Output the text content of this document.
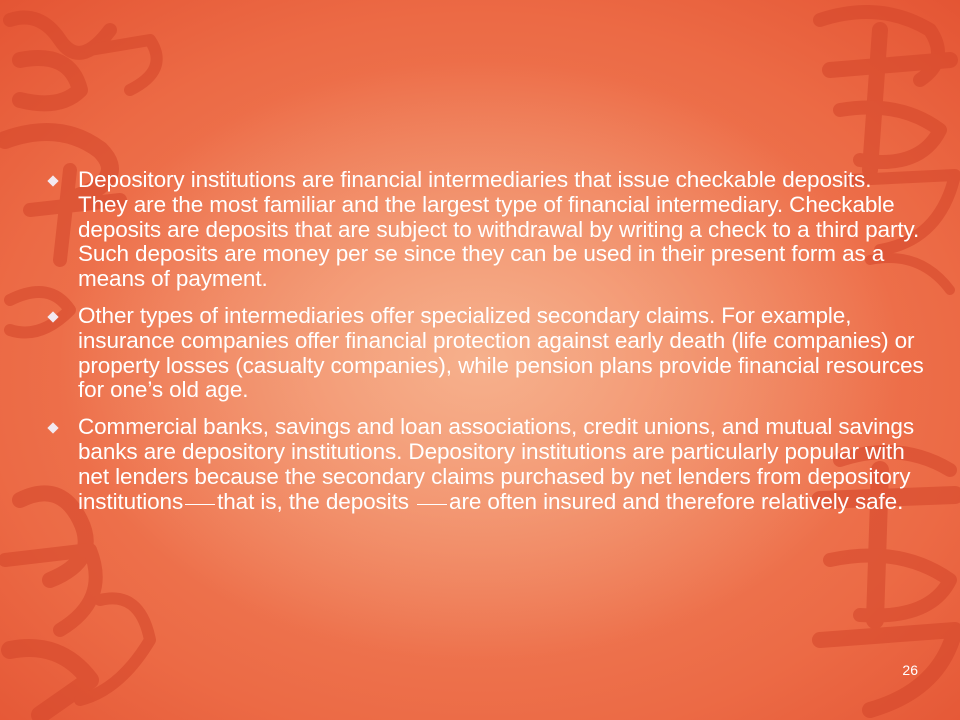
Depository institutions are financial intermediaries that issue checkable deposits. They are the most familiar and the largest type of financial intermediary. Checkable deposits are deposits that are subject to withdrawal by writing a check to a third party. Such deposits are money per se since they can be used in their present form as a means of payment.

Other types of intermediaries offer specialized secondary claims. For example, insurance companies offer financial protection against early death (life companies) or property losses (casualty companies), while pension plans provide financial resources for one’s old age.

Commercial banks, savings and loan associations, credit unions, and mutual savings banks are depository institutions. Depository institutions are particularly popular with net lenders because the secondary claims purchased by net lenders from depository institutions that is, the deposits are often insured and therefore relatively safe.

26
